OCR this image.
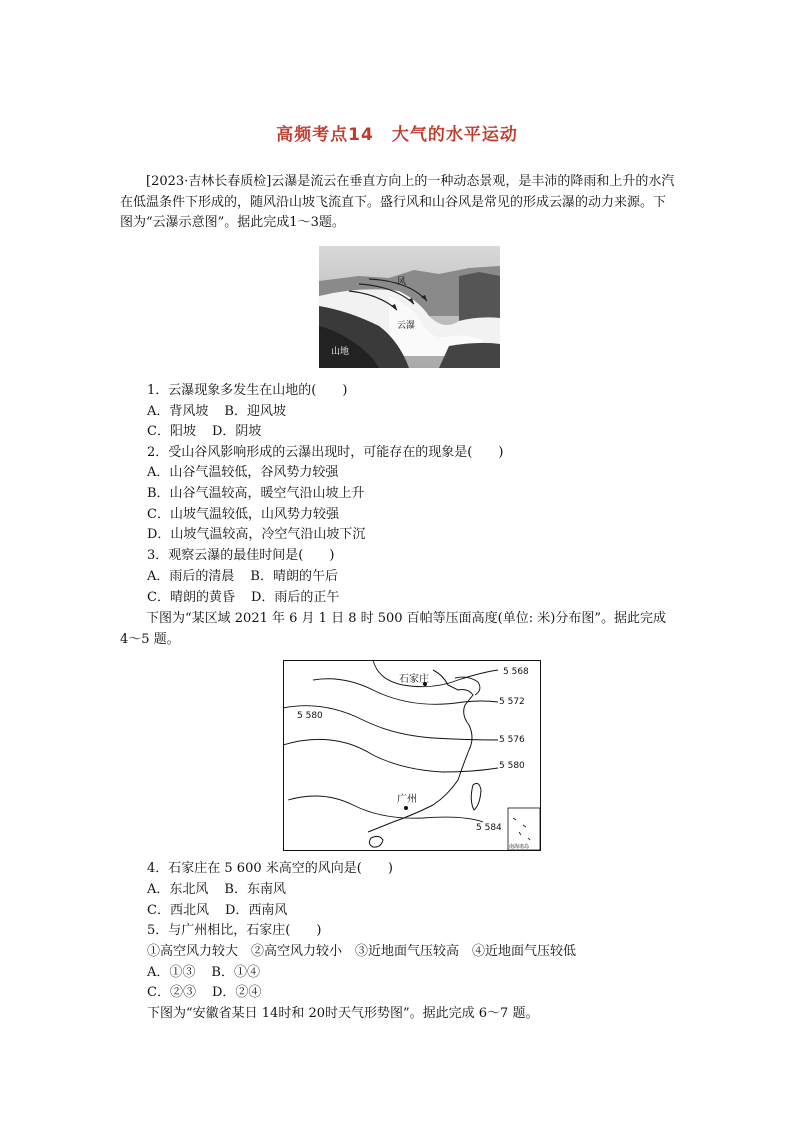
高频考点14　大气的水平运动
[2023·吉林长春质检]云瀑是流云在垂直方向上的一种动态景观，是丰沛的降雨和上升的水汽在低温条件下形成的，随风沿山坡飞流直下。盛行风和山谷风是常见的形成云瀑的动力来源。下图为“云瀑示意图”。据此完成1～3题。
风
云瀑
山地
1．云瀑现象多发生在山地的(　　)
A．背风坡 B．迎风坡
C．阳坡 D．阴坡
2．受山谷风影响形成的云瀑出现时，可能存在的现象是(　　)
A．山谷气温较低，谷风势力较强
B．山谷气温较高，暖空气沿山坡上升
C．山坡气温较低，山风势力较强
D．山坡气温较高，冷空气沿山坡下沉
3．观察云瀑的最佳时间是(　　)
A．雨后的清晨 B．晴朗的午后
C．晴朗的黄昏 D．雨后的正午
下图为“某区域 2021 年 6 月 1 日 8 时 500 百帕等压面高度(单位: 米)分布图”。据此完成 4～5 题。
石家庄
广州
5 568
5 572
5 580
5 576
5 580
5 584
南海诸岛
4．石家庄在 5 600 米高空的风向是(　　)
A．东北风 B．东南风
C．西北风 D．西南风
5．与广州相比，石家庄(　　)
①高空风力较大　②高空风力较小　③近地面气压较高　④近地面气压较低
A．①③ B．①④
C．②③ D．②④
下图为“安徽省某日 14时和 20时天气形势图”。据此完成 6～7 题。
